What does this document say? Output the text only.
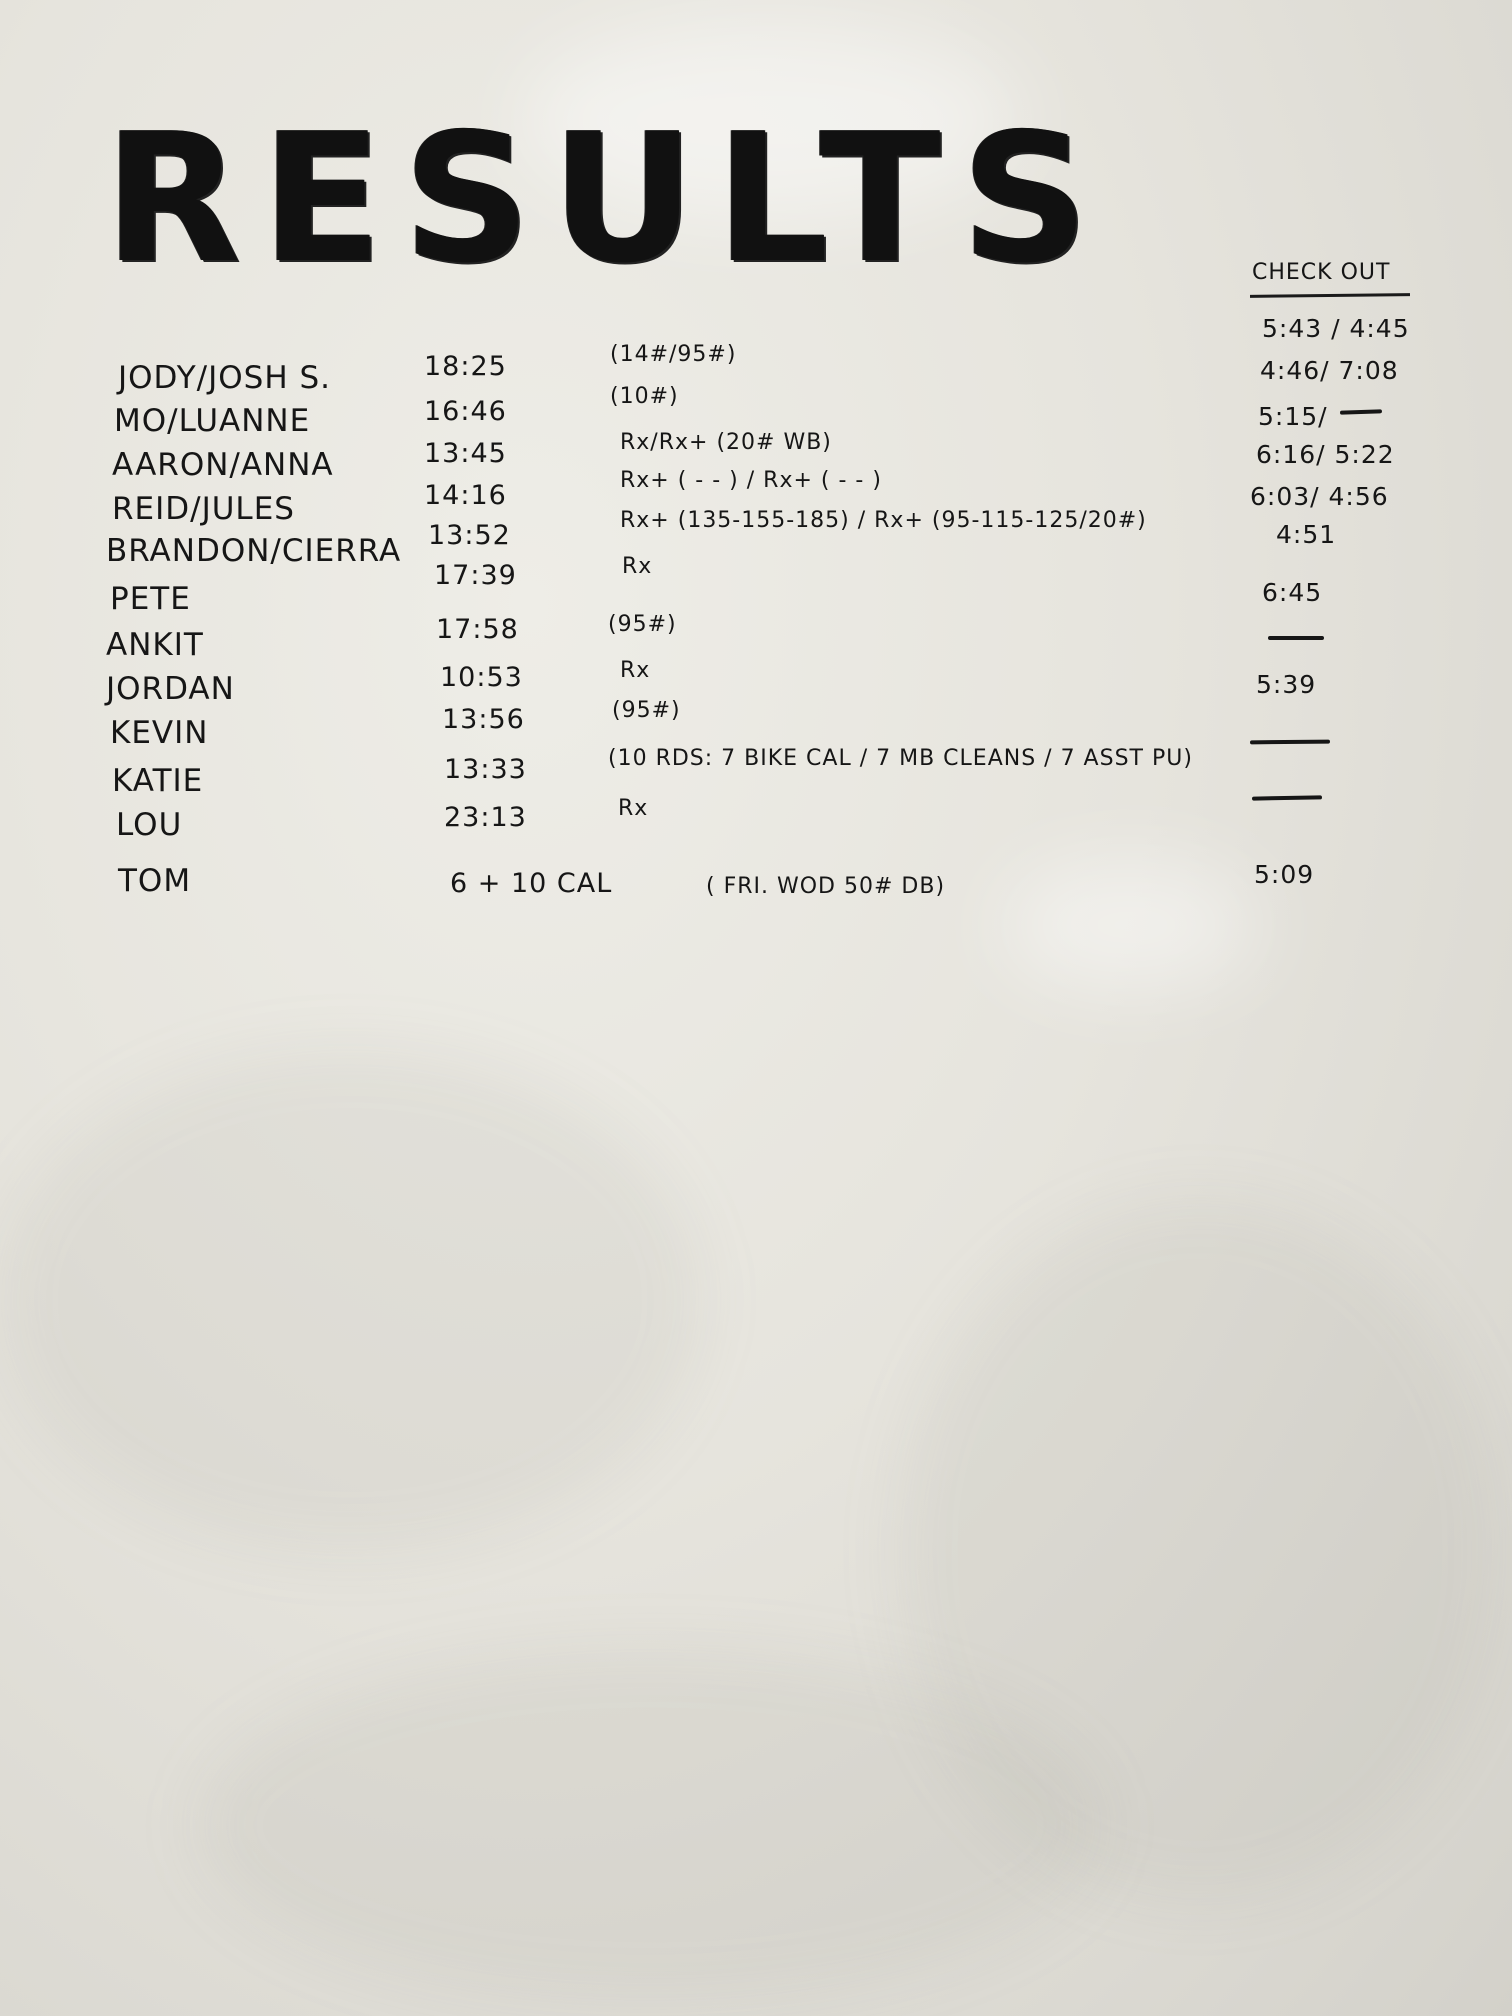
RESULTS	CHECK OUT
JODY/JOSH S.
MO/LUANNE
AARON/ANNA
REID/JULES
BRANDON/CIERRA
PETE
ANKIT
JORDAN
KEVIN
KATIE
LOU
TOM
18:25
16:46
13:45
14:16
13:52
17:39
17:58
10:53
13:56
13:33
23:13
6 + 10 CAL
(14#/95#)
(10#)
Rx/Rx+ (20# WB)
Rx+ ( - - ) / Rx+ ( - - )
Rx+ (135-155-185) / Rx+ (95-115-125/20#)
Rx
(95#)
Rx
(95#)
(10 RDS: 7 BIKE CAL / 7 MB CLEANS / 7 ASST PU)
Rx
( FRI. WOD 50# DB)
5:43 / 4:45
5:15/
4:46/ 7:08
6:16/ 5:22
6:03/ 4:56
4:51
6:45
5:39
5:09
